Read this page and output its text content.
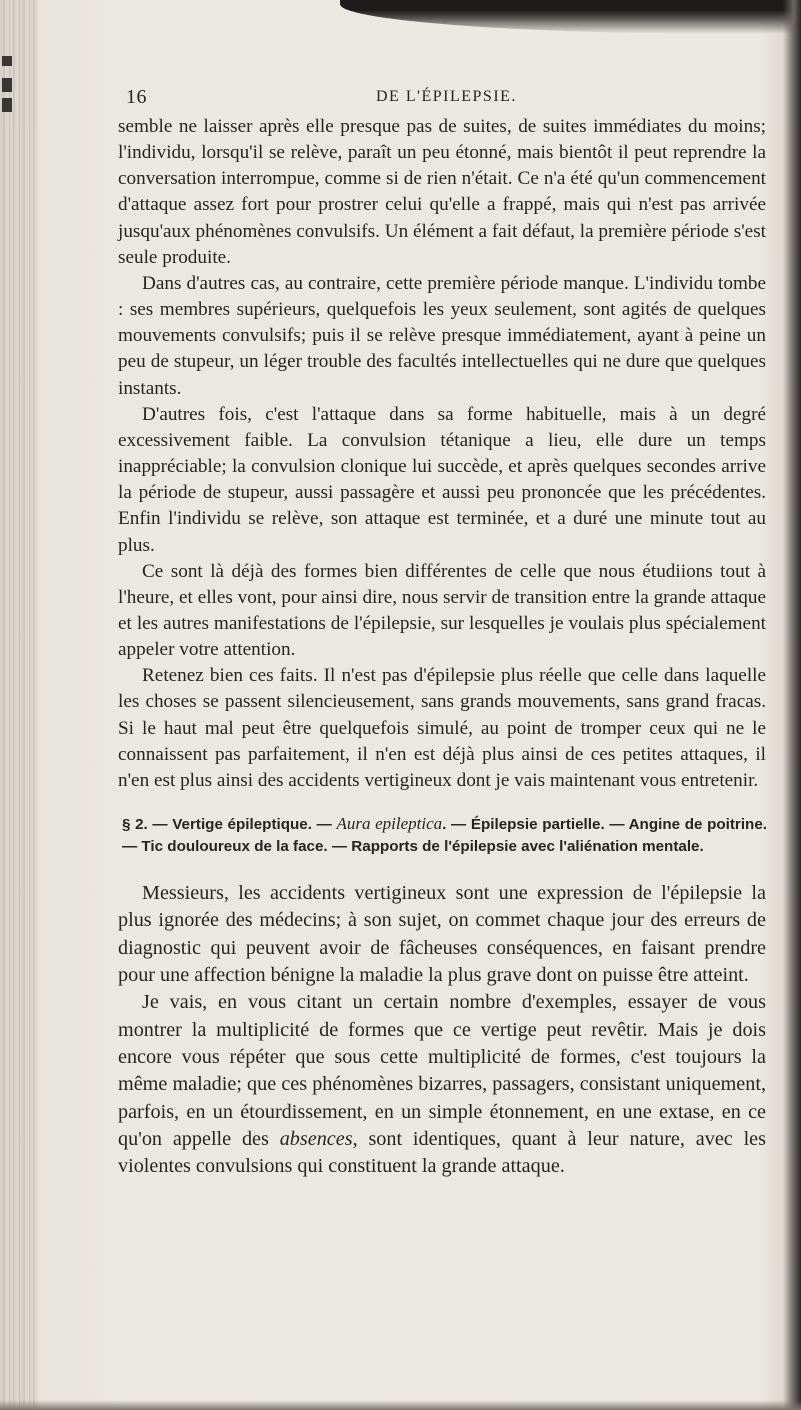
16	DE L'ÉPILEPSIE.

semble ne laisser après elle presque pas de suites, de suites immédiates du moins; l'individu, lorsqu'il se relève, paraît un peu étonné, mais bientôt il peut reprendre la conversation interrompue, comme si de rien n'était. Ce n'a été qu'un commencement d'attaque assez fort pour prostrer celui qu'elle a frappé, mais qui n'est pas arrivée jusqu'aux phénomènes convulsifs. Un élément a fait défaut, la première période s'est seule produite.

Dans d'autres cas, au contraire, cette première période manque. L'individu tombe : ses membres supérieurs, quelquefois les yeux seulement, sont agités de quelques mouvements convulsifs; puis il se relève presque immédiatement, ayant à peine un peu de stupeur, un léger trouble des facultés intellectuelles qui ne dure que quelques instants.

D'autres fois, c'est l'attaque dans sa forme habituelle, mais à un degré excessivement faible. La convulsion tétanique a lieu, elle dure un temps inappréciable; la convulsion clonique lui succède, et après quelques secondes arrive la période de stupeur, aussi passagère et aussi peu prononcée que les précédentes. Enfin l'individu se relève, son attaque est terminée, et a duré une minute tout au plus.

Ce sont là déjà des formes bien différentes de celle que nous étudiions tout à l'heure, et elles vont, pour ainsi dire, nous servir de transition entre la grande attaque et les autres manifestations de l'épilepsie, sur lesquelles je voulais plus spécialement appeler votre attention.

Retenez bien ces faits. Il n'est pas d'épilepsie plus réelle que celle dans laquelle les choses se passent silencieusement, sans grands mouvements, sans grand fracas. Si le haut mal peut être quelquefois simulé, au point de tromper ceux qui ne le connaissent pas parfaitement, il n'en est déjà plus ainsi de ces petites attaques, il n'en est plus ainsi des accidents vertigineux dont je vais maintenant vous entretenir.

§ 2. — Vertige épileptique. — Aura epileptica. — Épilepsie partielle. — Angine de poitrine. — Tic douloureux de la face. — Rapports de l'épilepsie avec l'aliénation mentale.

Messieurs, les accidents vertigineux sont une expression de l'épilepsie la plus ignorée des médecins; à son sujet, on commet chaque jour des erreurs de diagnostic qui peuvent avoir de fâcheuses conséquences, en faisant prendre pour une affection bénigne la maladie la plus grave dont on puisse être atteint.

Je vais, en vous citant un certain nombre d'exemples, essayer de vous montrer la multiplicité de formes que ce vertige peut revêtir. Mais je dois encore vous répéter que sous cette multiplicité de formes, c'est toujours la même maladie; que ces phénomènes bizarres, passagers, consistant uniquement, parfois, en un étourdissement, en un simple étonnement, en une extase, en ce qu'on appelle des absences, sont identiques, quant à leur nature, avec les violentes convulsions qui constituent la grande attaque.
